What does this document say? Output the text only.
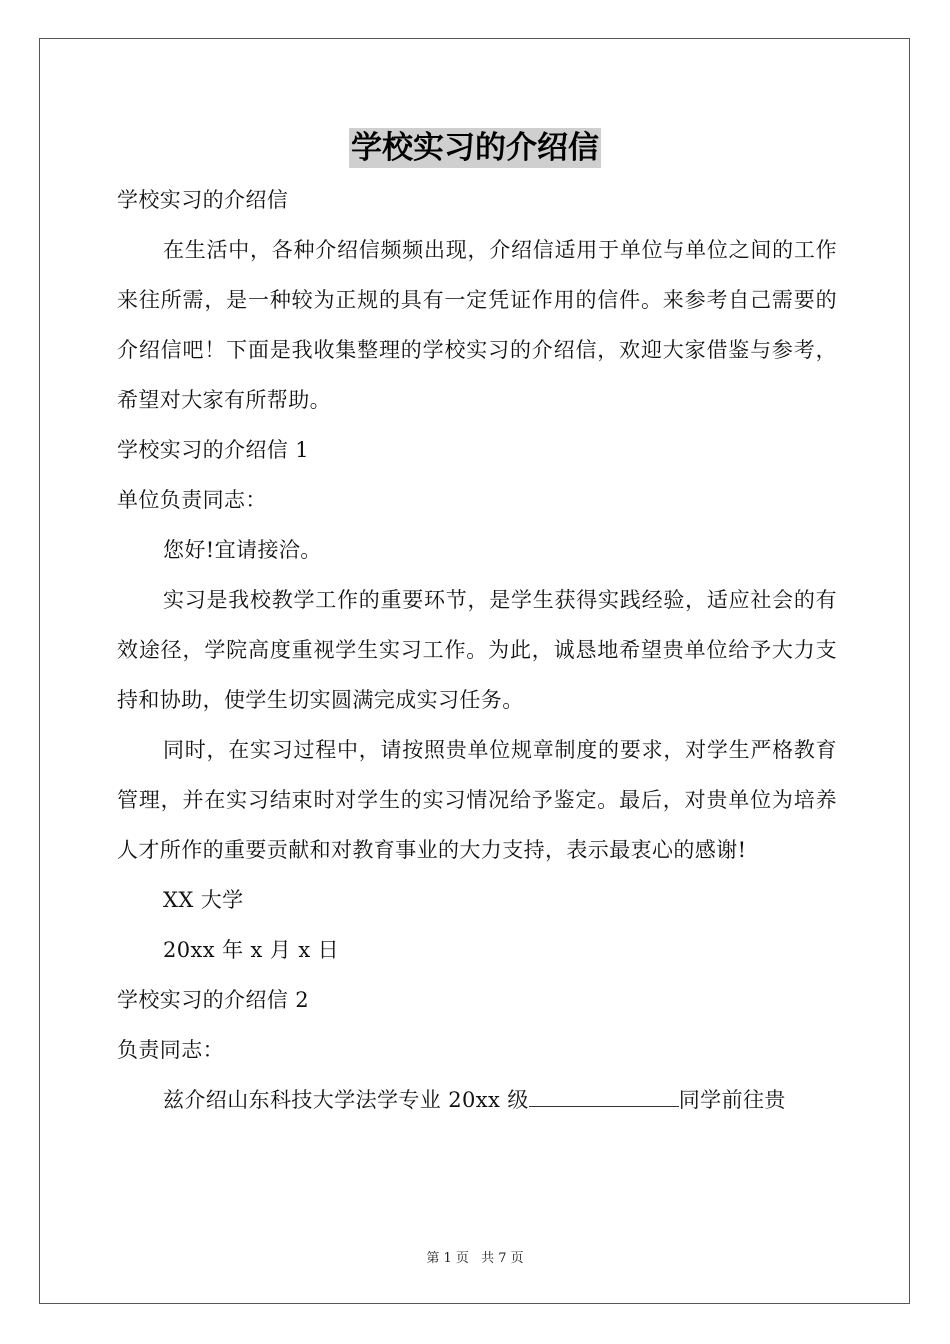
学校实习的介绍信

学校实习的介绍信

在生活中，各种介绍信频频出现，介绍信适用于单位与单位之间的工作来往所需，是一种较为正规的具有一定凭证作用的信件。来参考自己需要的介绍信吧！下面是我收集整理的学校实习的介绍信，欢迎大家借鉴与参考，希望对大家有所帮助。

学校实习的介绍信 1

单位负责同志：

您好!宜请接洽。

实习是我校教学工作的重要环节，是学生获得实践经验，适应社会的有效途径，学院高度重视学生实习工作。为此，诚恳地希望贵单位给予大力支持和协助，使学生切实圆满完成实习任务。

同时，在实习过程中，请按照贵单位规章制度的要求，对学生严格教育管理，并在实习结束时对学生的实习情况给予鉴定。最后，对贵单位为培养人才所作的重要贡献和对教育事业的大力支持，表示最衷心的感谢!

XX 大学

20xx 年 x 月 x 日

学校实习的介绍信 2

负责同志：

兹介绍山东科技大学法学专业 20xx 级	同学前往贵

第 1 页 共 7 页
